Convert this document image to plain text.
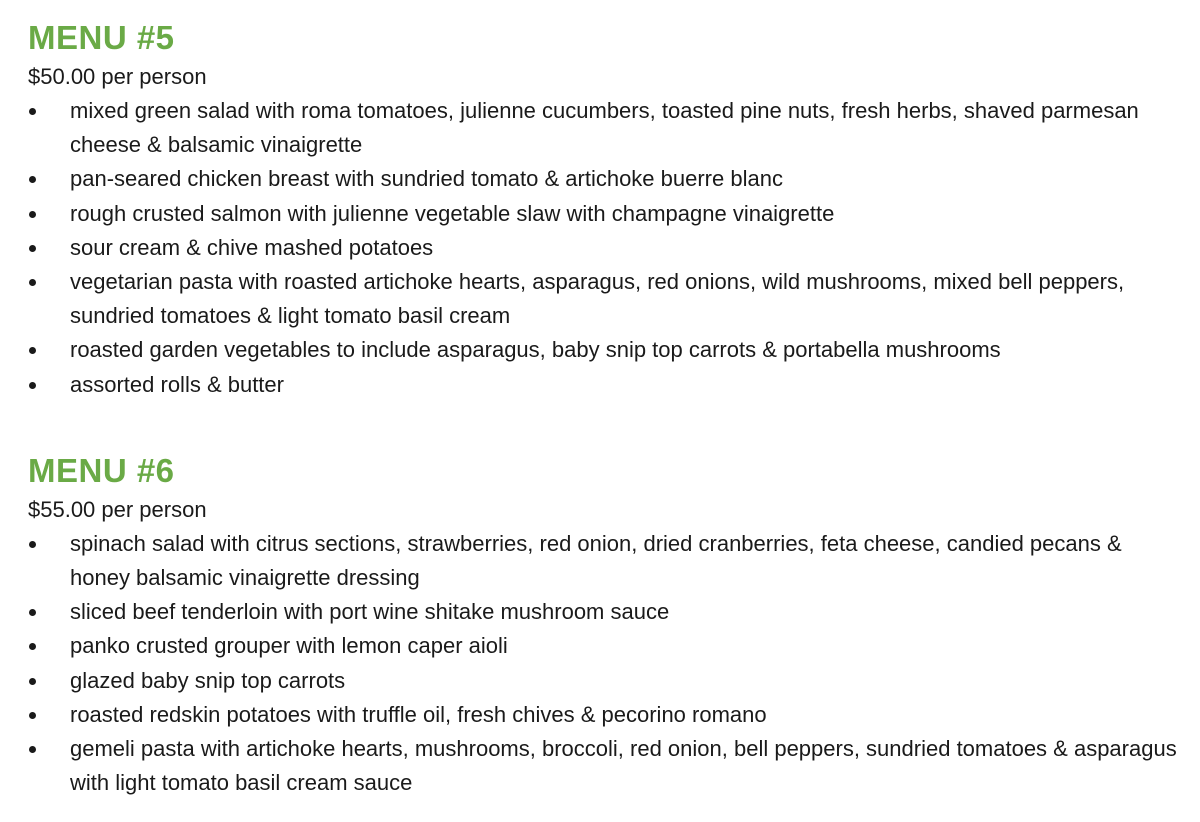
MENU #5

$50.00 per person

mixed green salad with roma tomatoes, julienne cucumbers, toasted pine nuts, fresh herbs, shaved parmesan cheese & balsamic vinaigrette
pan-seared chicken breast with sundried tomato & artichoke buerre blanc
rough crusted salmon with julienne vegetable slaw with champagne vinaigrette
sour cream & chive mashed potatoes
vegetarian pasta with roasted artichoke hearts, asparagus, red onions, wild mushrooms, mixed bell peppers, sundried tomatoes & light tomato basil cream
roasted garden vegetables to include asparagus, baby snip top carrots & portabella mushrooms
assorted rolls & butter
MENU #6

$55.00 per person

spinach salad with citrus sections, strawberries, red onion, dried cranberries, feta cheese, candied pecans & honey balsamic vinaigrette dressing
sliced beef tenderloin with port wine shitake mushroom sauce
panko crusted grouper with lemon caper aioli
glazed baby snip top carrots
roasted redskin potatoes with truffle oil, fresh chives & pecorino romano
gemeli pasta with artichoke hearts, mushrooms, broccoli, red onion, bell peppers, sundried tomatoes & asparagus with light tomato basil cream sauce
